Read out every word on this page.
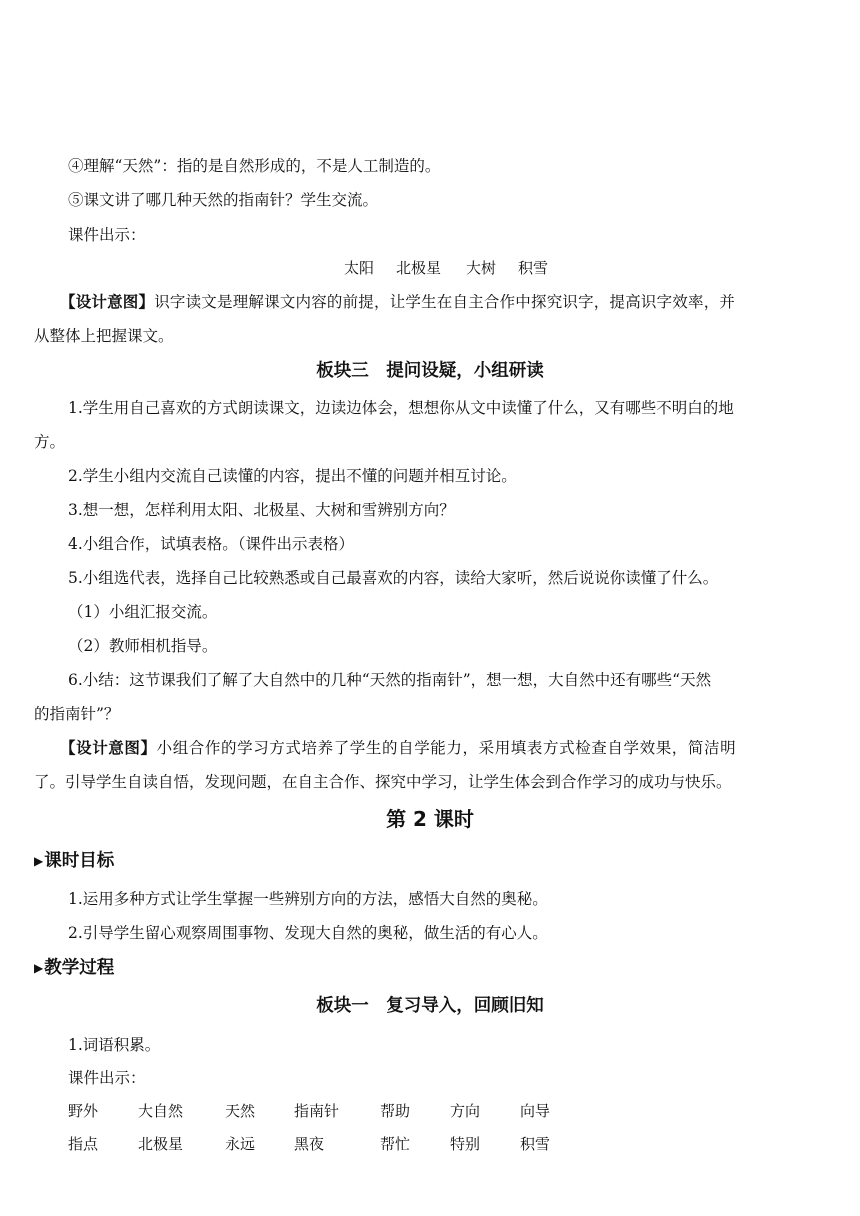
④理解“天然”：指的是自然形成的，不是人工制造的。
⑤课文讲了哪几种天然的指南针？学生交流。
课件出示：
太阳 北极星 大树 积雪
【设计意图】识字读文是理解课文内容的前提，让学生在自主合作中探究识字，提高识字效率，并
从整体上把握课文。
板块三　提问设疑，小组研读
1.学生用自己喜欢的方式朗读课文，边读边体会，想想你从文中读懂了什么，又有哪些不明白的地
方。
2.学生小组内交流自己读懂的内容，提出不懂的问题并相互讨论。
3.想一想，怎样利用太阳、北极星、大树和雪辨别方向？
4.小组合作，试填表格。（课件出示表格）
5.小组选代表，选择自己比较熟悉或自己最喜欢的内容，读给大家听，然后说说你读懂了什么。
（1）小组汇报交流。
（2）教师相机指导。
6.小结：这节课我们了解了大自然中的几种“天然的指南针”，想一想，大自然中还有哪些“天然
的指南针”？
【设计意图】小组合作的学习方式培养了学生的自学能力，采用填表方式检查自学效果，简洁明
了。引导学生自读自悟，发现问题，在自主合作、探究中学习，让学生体会到合作学习的成功与快乐。
第 2 课时
▶课时目标
1.运用多种方式让学生掌握一些辨别方向的方法，感悟大自然的奥秘。
2.引导学生留心观察周围事物、发现大自然的奥秘，做生活的有心人。
▶教学过程
板块一　复习导入，回顾旧知
1.词语积累。
课件出示：
野外	大自然	天然	指南针	帮助	方向	向导
指点	北极星	永远	黑夜	帮忙	特别	积雪
